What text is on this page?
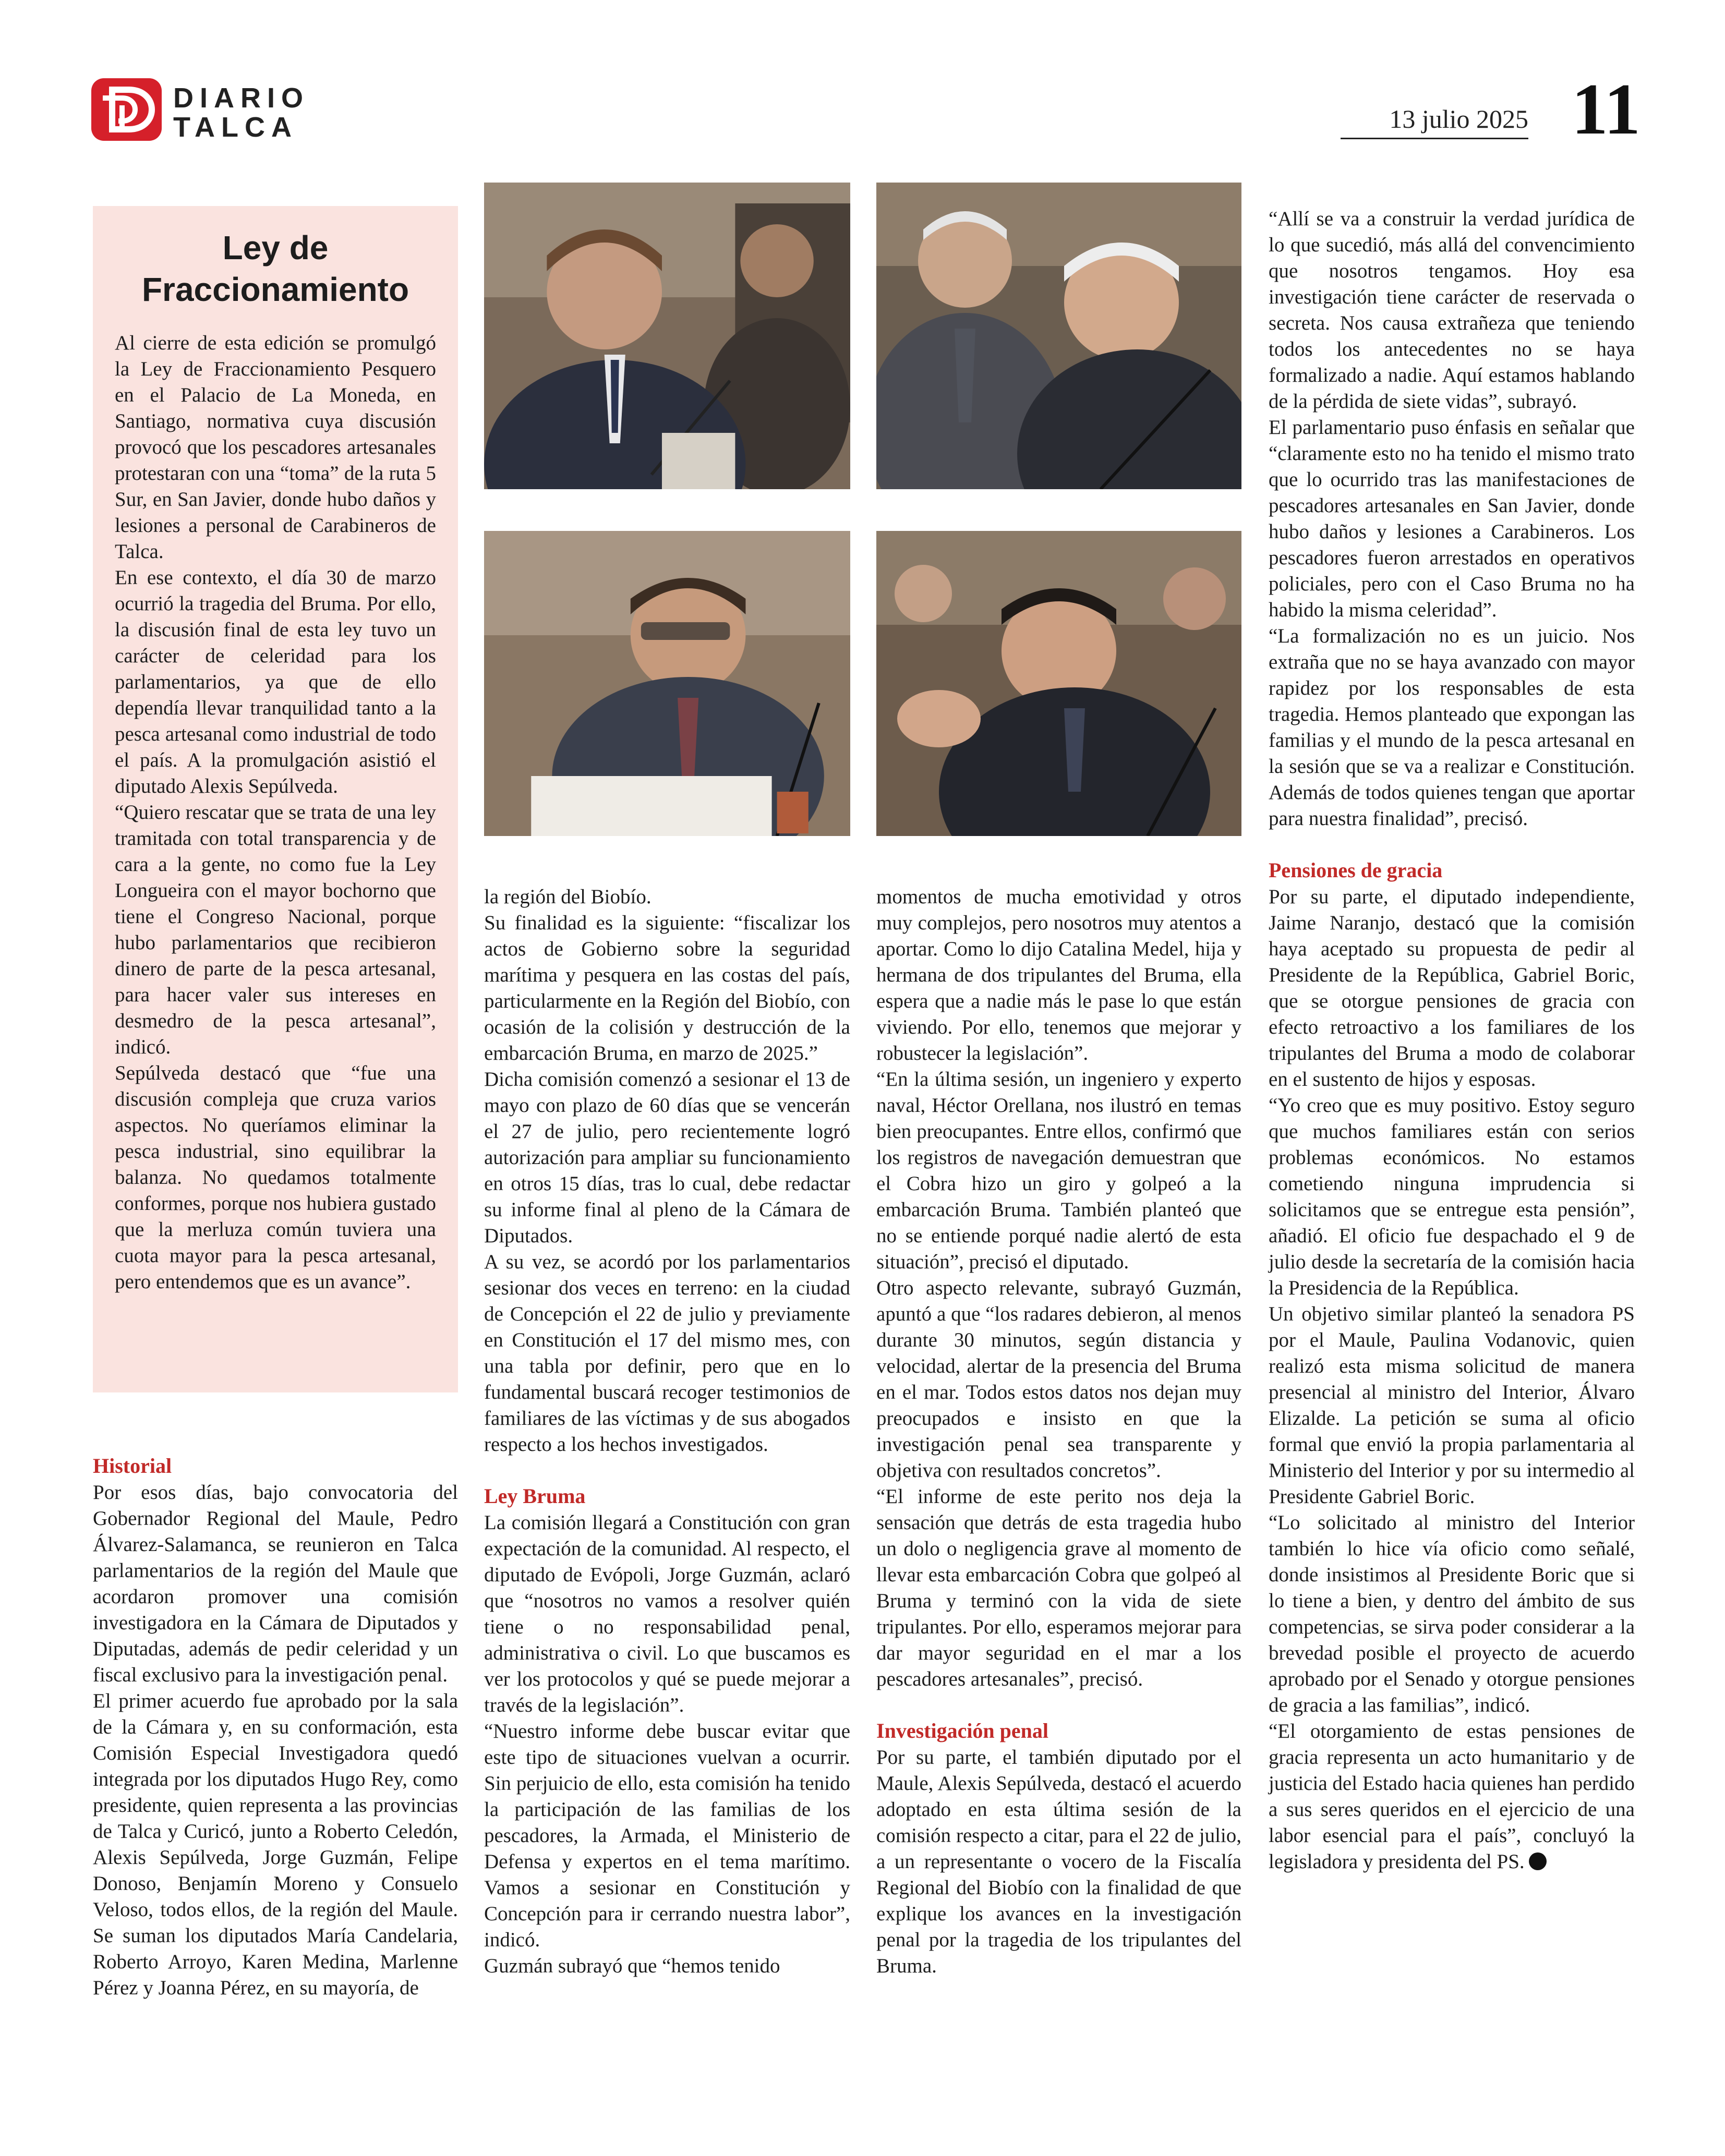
DIARIO
TALCA	13 julio 2025 11
Ley de Fraccionamiento

Al cierre de esta edición se promulgó la Ley de Fraccionamiento Pesquero en el Palacio de La Moneda, en Santiago, normativa cuya discusión provocó que los pescadores artesanales protestaran con una “toma” de la ruta 5 Sur, en San Javier, donde hubo daños y lesiones a personal de Carabineros de Talca.

En ese contexto, el día 30 de marzo ocurrió la tragedia del Bruma. Por ello, la discusión final de esta ley tuvo un carácter de celeridad para los parlamentarios, ya que de ello dependía llevar tranquilidad tanto a la pesca artesanal como industrial de todo el país. A la promulgación asistió el diputado Alexis Sepúlveda.

“Quiero rescatar que se trata de una ley tramitada con total transparencia y de cara a la gente, no como fue la Ley Longueira con el mayor bochorno que tiene el Congreso Nacional, porque hubo parlamentarios que recibieron dinero de parte de la pesca artesanal, para hacer valer sus intereses en desmedro de la pesca artesanal”, indicó.

Sepúlveda destacó que “fue una discusión compleja que cruza varios aspectos. No queríamos eliminar la pesca industrial, sino equilibrar la balanza. No quedamos totalmente conformes, porque nos hubiera gustado que la merluza común tuviera una cuota mayor para la pesca artesanal, pero entendemos que es un avance”.

Historial

Por esos días, bajo convocatoria del Gobernador Regional del Maule, Pedro Álvarez-Salamanca, se reunieron en Talca parlamentarios de la región del Maule que acordaron promover una comisión investigadora en la Cámara de Diputados y Diputadas, además de pedir celeridad y un fiscal exclusivo para la investigación penal.

El primer acuerdo fue aprobado por la sala de la Cámara y, en su conformación, esta Comisión Especial Investigadora quedó integrada por los diputados Hugo Rey, como presidente, quien representa a las provincias de Talca y Curicó, junto a Roberto Celedón, Alexis Sepúlveda, Jorge Guzmán, Felipe Donoso, Benjamín Moreno y Consuelo Veloso, todos ellos, de la región del Maule. Se suman los diputados María Candelaria, Roberto Arroyo, Karen Medina, Marlenne Pérez y Joanna Pérez, en su mayoría, de

la región del Biobío.

Su finalidad es la siguiente: “fiscalizar los actos de Gobierno sobre la seguridad marítima y pesquera en las costas del país, particularmente en la Región del Biobío, con ocasión de la colisión y destrucción de la embarcación Bruma, en marzo de 2025.”

Dicha comisión comenzó a sesionar el 13 de mayo con plazo de 60 días que se vencerán el 27 de julio, pero recientemente logró autorización para ampliar su funcionamiento en otros 15 días, tras lo cual, debe redactar su informe final al pleno de la Cámara de Diputados.

A su vez, se acordó por los parlamentarios sesionar dos veces en terreno: en la ciudad de Concepción el 22 de julio y previamente en Constitución el 17 del mismo mes, con una tabla por definir, pero que en lo fundamental buscará recoger testimonios de familiares de las víctimas y de sus abogados respecto a los hechos investigados.

Ley Bruma

La comisión llegará a Constitución con gran expectación de la comunidad. Al respecto, el diputado de Evópoli, Jorge Guzmán, aclaró que “nosotros no vamos a resolver quién tiene o no responsabilidad penal, administrativa o civil. Lo que buscamos es ver los protocolos y qué se puede mejorar a través de la legislación”.

“Nuestro informe debe buscar evitar que este tipo de situaciones vuelvan a ocurrir. Sin perjuicio de ello, esta comisión ha tenido la participación de las familias de los pescadores, la Armada, el Ministerio de Defensa y expertos en el tema marítimo. Vamos a sesionar en Constitución y Concepción para ir cerrando nuestra labor”, indicó.

Guzmán subrayó que “hemos tenido

momentos de mucha emotividad y otros muy complejos, pero nosotros muy atentos a aportar. Como lo dijo Catalina Medel, hija y hermana de dos tripulantes del Bruma, ella espera que a nadie más le pase lo que están viviendo. Por ello, tenemos que mejorar y robustecer la legislación”.

“En la última sesión, un ingeniero y experto naval, Héctor Orellana, nos ilustró en temas bien preocupantes. Entre ellos, confirmó que los registros de navegación demuestran que el Cobra hizo un giro y golpeó a la embarcación Bruma. También planteó que no se entiende porqué nadie alertó de esta situación”, precisó el diputado.

Otro aspecto relevante, subrayó Guzmán, apuntó a que “los radares debieron, al menos durante 30 minutos, según distancia y velocidad, alertar de la presencia del Bruma en el mar. Todos estos datos nos dejan muy preocupados e insisto en que la investigación penal sea transparente y objetiva con resultados concretos”.

“El informe de este perito nos deja la sensación que detrás de esta tragedia hubo un dolo o negligencia grave al momento de llevar esta embarcación Cobra que golpeó al Bruma y terminó con la vida de siete tripulantes. Por ello, esperamos mejorar para dar mayor seguridad en el mar a los pescadores artesanales”, precisó.

Investigación penal

Por su parte, el también diputado por el Maule, Alexis Sepúlveda, destacó el acuerdo adoptado en esta última sesión de la comisión respecto a citar, para el 22 de julio, a un representante o vocero de la Fiscalía Regional del Biobío con la finalidad de que explique los avances en la investigación penal por la tragedia de los tripulantes del Bruma.

“Allí se va a construir la verdad jurídica de lo que sucedió, más allá del convencimiento que nosotros tengamos. Hoy esa investigación tiene carácter de reservada o secreta. Nos causa extrañeza que teniendo todos los antecedentes no se haya formalizado a nadie. Aquí estamos hablando de la pérdida de siete vidas”, subrayó.

El parlamentario puso énfasis en señalar que “claramente esto no ha tenido el mismo trato que lo ocurrido tras las manifestaciones de pescadores artesanales en San Javier, donde hubo daños y lesiones a Carabineros. Los pescadores fueron arrestados en operativos policiales, pero con el Caso Bruma no ha habido la misma celeridad”.

“La formalización no es un juicio. Nos extraña que no se haya avanzado con mayor rapidez por los responsables de esta tragedia. Hemos planteado que expongan las familias y el mundo de la pesca artesanal en la sesión que se va a realizar e Constitución. Además de todos quienes tengan que aportar para nuestra finalidad”, precisó.

Pensiones de gracia

Por su parte, el diputado independiente, Jaime Naranjo, destacó que la comisión haya aceptado su propuesta de pedir al Presidente de la República, Gabriel Boric, que se otorgue pensiones de gracia con efecto retroactivo a los familiares de los tripulantes del Bruma a modo de colaborar en el sustento de hijos y esposas.

“Yo creo que es muy positivo. Estoy seguro que muchos familiares están con serios problemas económicos. No estamos cometiendo ninguna imprudencia si solicitamos que se entregue esta pensión”, añadió. El oficio fue despachado el 9 de julio desde la secretaría de la comisión hacia la Presidencia de la República.

Un objetivo similar planteó la senadora PS por el Maule, Paulina Vodanovic, quien realizó esta misma solicitud de manera presencial al ministro del Interior, Álvaro Elizalde. La petición se suma al oficio formal que envió la propia parlamentaria al Ministerio del Interior y por su intermedio al Presidente Gabriel Boric.

“Lo solicitado al ministro del Interior también lo hice vía oficio como señalé, donde insistimos al Presidente Boric que si lo tiene a bien, y dentro del ámbito de sus competencias, se sirva poder considerar a la brevedad posible el proyecto de acuerdo aprobado por el Senado y otorgue pensiones de gracia a las familias”, indicó.

“El otorgamiento de estas pensiones de gracia representa un acto humanitario y de justicia del Estado hacia quienes han perdido a sus seres queridos en el ejercicio de una labor esencial para el país”, concluyó la legisladora y presidenta del PS.
